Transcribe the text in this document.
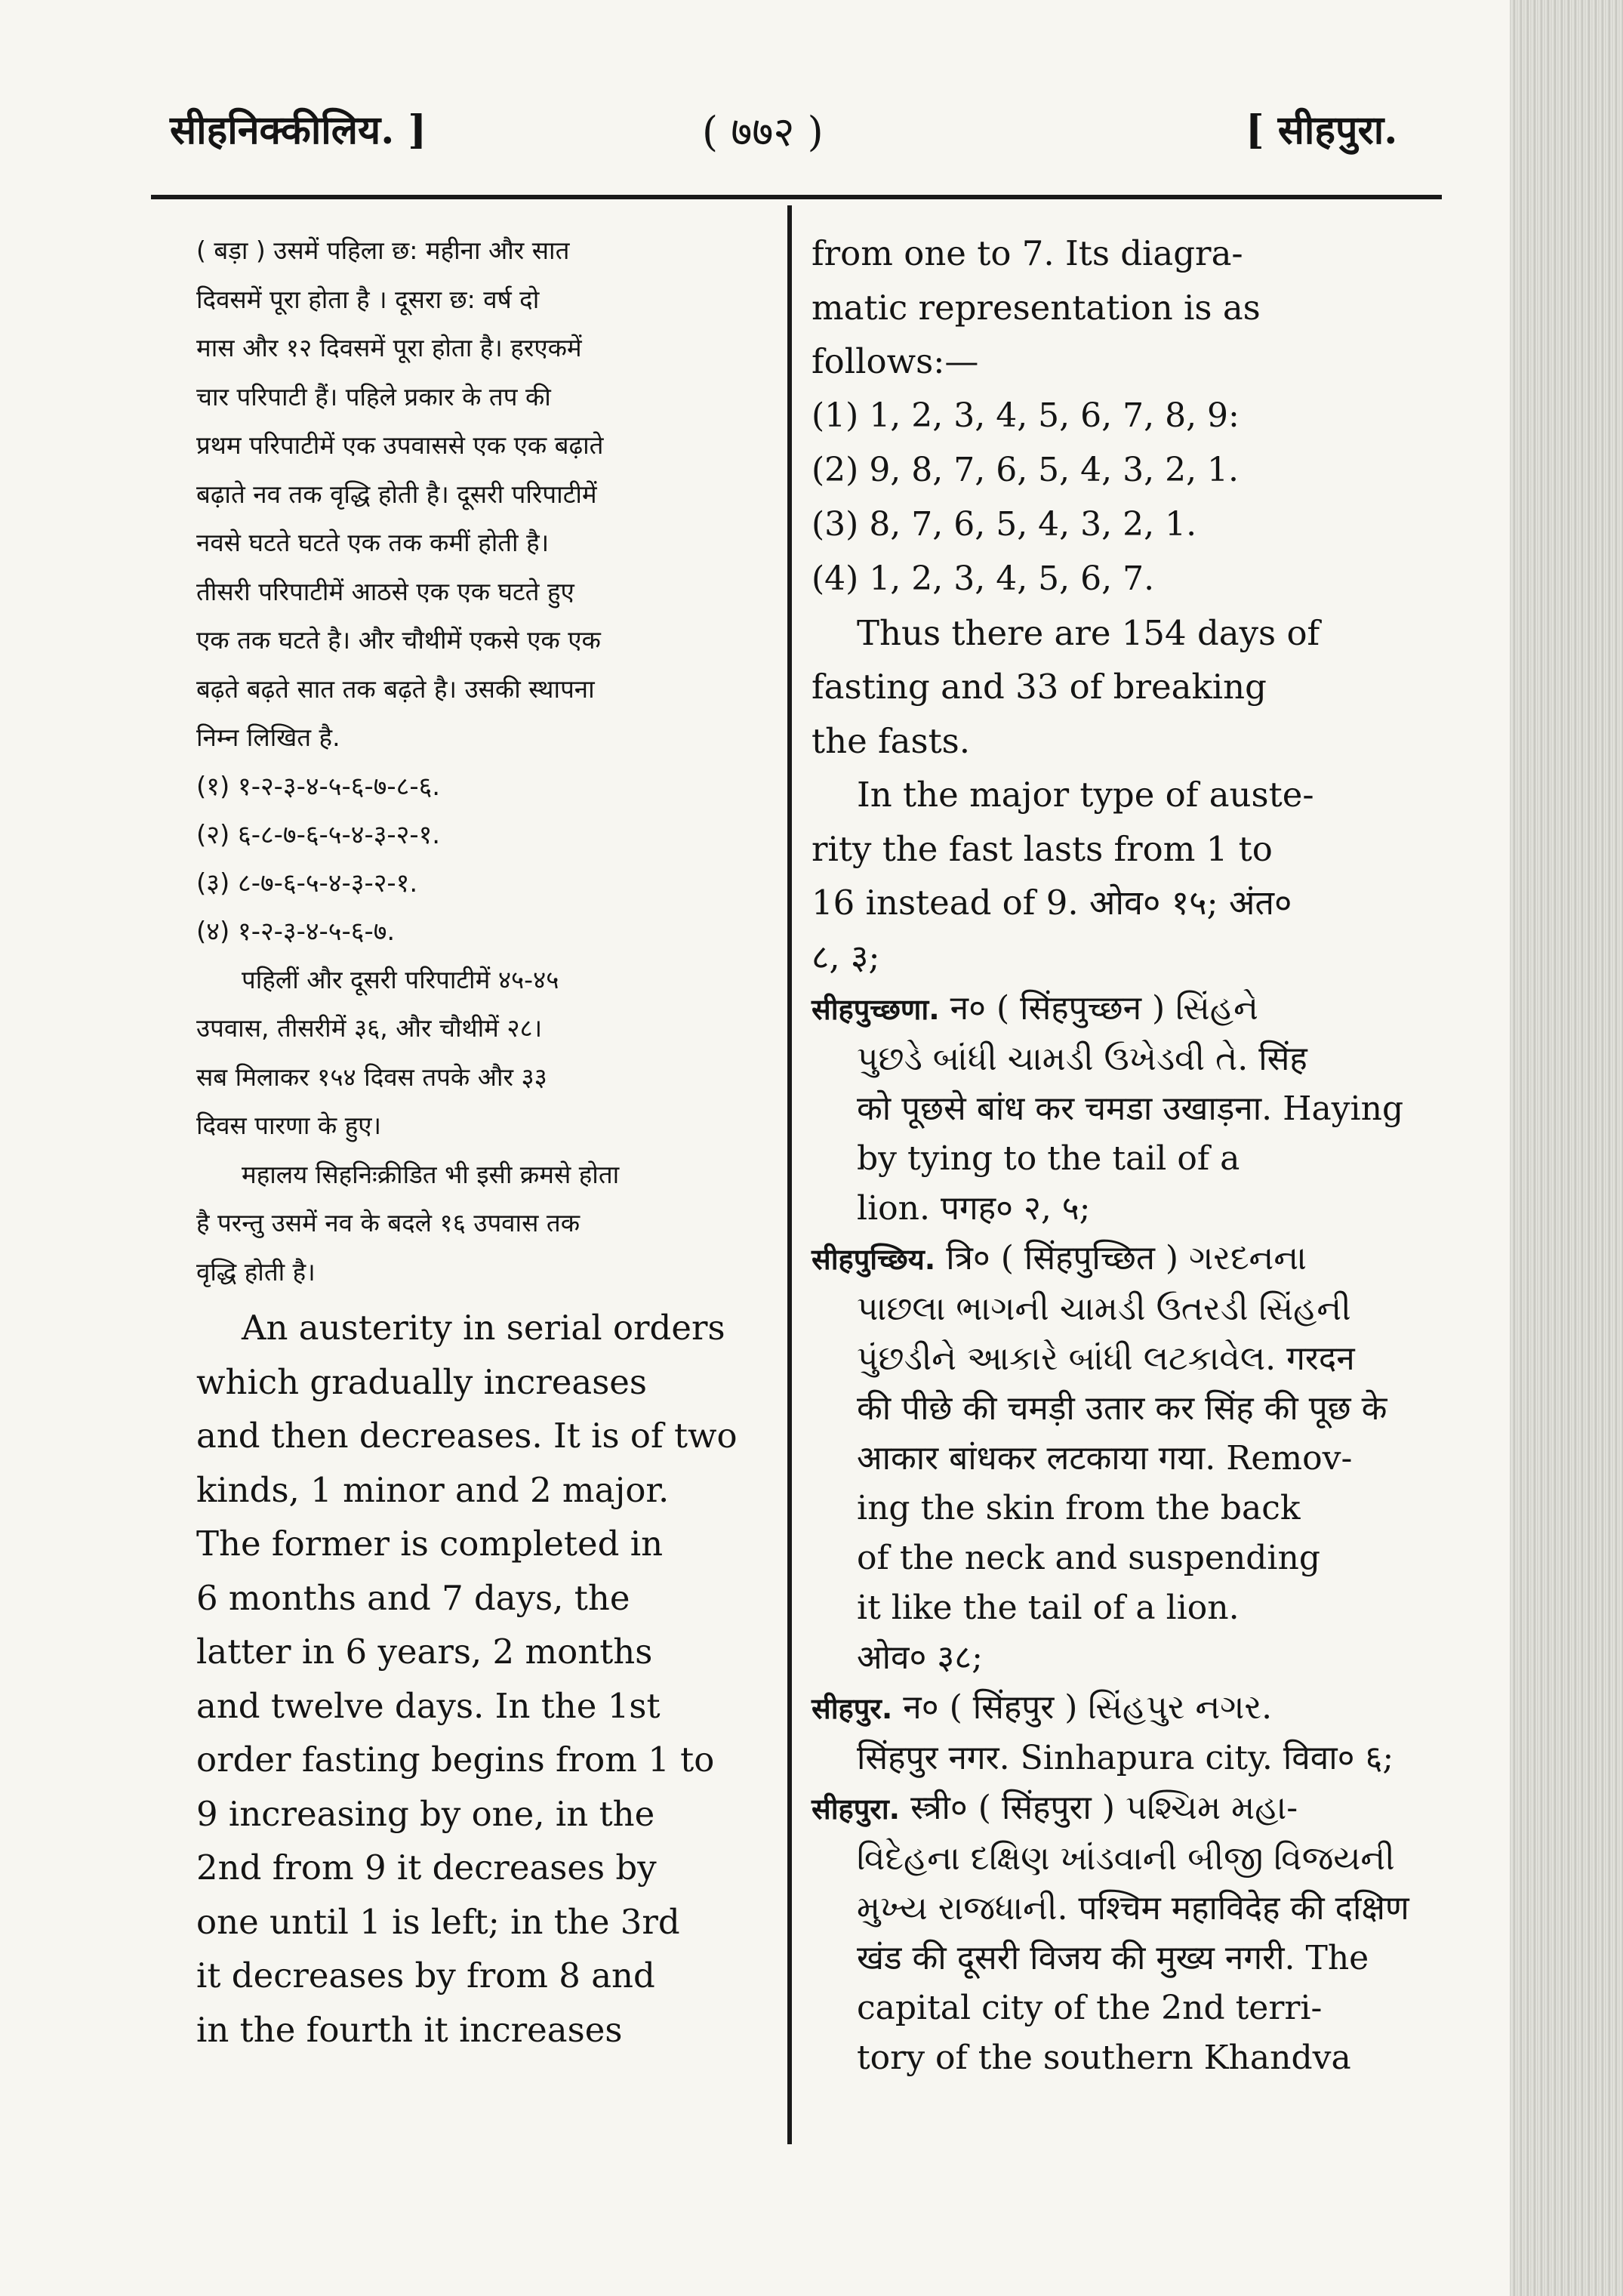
सीहनिक्कीलिय. ]	( ७७२ )	[ सीहपुरा.

( बड़ा ) उसमें पहिला छ: महीना और सात

दिवसमें पूरा होता है । दूसरा छ: वर्ष दो

मास और १२ दिवसमें पूरा होता है। हरएकमें

चार परिपाटी हैं। पहिले प्रकार के तप की

प्रथम परिपाटीमें एक उपवाससे एक एक बढ़ाते

बढ़ाते नव तक वृद्धि होती है। दूसरी परिपाटीमें

नवसे घटते घटते एक तक कमीं होती है।

तीसरी परिपाटीमें आठसे एक एक घटते हुए

एक तक घटते है। और चौथीमें एकसे एक एक

बढ़ते बढ़ते सात तक बढ़ते है। उसकी स्थापना

निम्न लिखित है.

(१) १-२-३-४-५-६-७-८-६.

(२) ६-८-७-६-५-४-३-२-१.

(३) ८-७-६-५-४-३-२-१.

(४) १-२-३-४-५-६-७.

पहिलीं और दूसरी परिपाटीमें ४५-४५

उपवास, तीसरीमें ३६, और चौथीमें २८।

सब मिलाकर १५४ दिवस तपके और ३३

दिवस पारणा के हुए।

महालय सिहनिःक्रीडित भी इसी क्रमसे होता

है परन्तु उसमें नव के बदले १६ उपवास तक

वृद्धि होती है।

An austerity in serial orders

which gradually increases

and then decreases. It is of two

kinds, 1 minor and 2 major.

The former is completed in

6 months and 7 days, the

latter in 6 years, 2 months

and twelve days. In the 1st

order fasting begins from 1 to

9 increasing by one, in the

2nd from 9 it decreases by

one until 1 is left; in the 3rd

it decreases by from 8 and

in the fourth it increases

from one to 7. Its diagra-

matic representation is as

follows:—

(1) 1, 2, 3, 4, 5, 6, 7, 8, 9:

(2) 9, 8, 7, 6, 5, 4, 3, 2, 1.

(3) 8, 7, 6, 5, 4, 3, 2, 1.

(4) 1, 2, 3, 4, 5, 6, 7.

Thus there are 154 days of

fasting and 33 of breaking

the fasts.

In the major type of auste-

rity the fast lasts from 1 to

16 instead of 9. ओव० १५; अंत०

८, ३;

सीहपुच्छणा. न० ( सिंहपुच्छन ) સિંહને

પુછડે બાંધી ચામડી ઉખેડવી તે. सिंह

को पूछसे बांध कर चमडा उखाड़ना. Haying

by tying to the tail of a

lion. पगह० २, ५;

सीहपुच्छिय. त्रि० ( सिंहपुच्छित ) ગરદનના

પાછલા ભાગની ચામડી ઉતરડી સિંહની

પુંછડીને આકારે બાંધી લટકાવેલ. गरदन

की पीछे की चमड़ी उतार कर सिंह की पूछ के

आकार बांधकर लटकाया गया. Remov-

ing the skin from the back

of the neck and suspending

it like the tail of a lion.

ओव० ३८;

सीहपुर. न० ( सिंहपुर ) સિંહપુર નગર.

सिंहपुर नगर. Sinhapura city. विवा० ६;

सीहपुरा. स्त्री० ( सिंहपुरा ) પશ્ચિમ મહા-

વિદેહના દક્ષિણ ખાંડવાની બીજી વિજયની

મુખ્ય રાજધાની. पश्चिम महाविदेह की दक्षिण

खंड की दूसरी विजय की मुख्य नगरी. The

capital city of the 2nd terri-

tory of the southern Khandva
